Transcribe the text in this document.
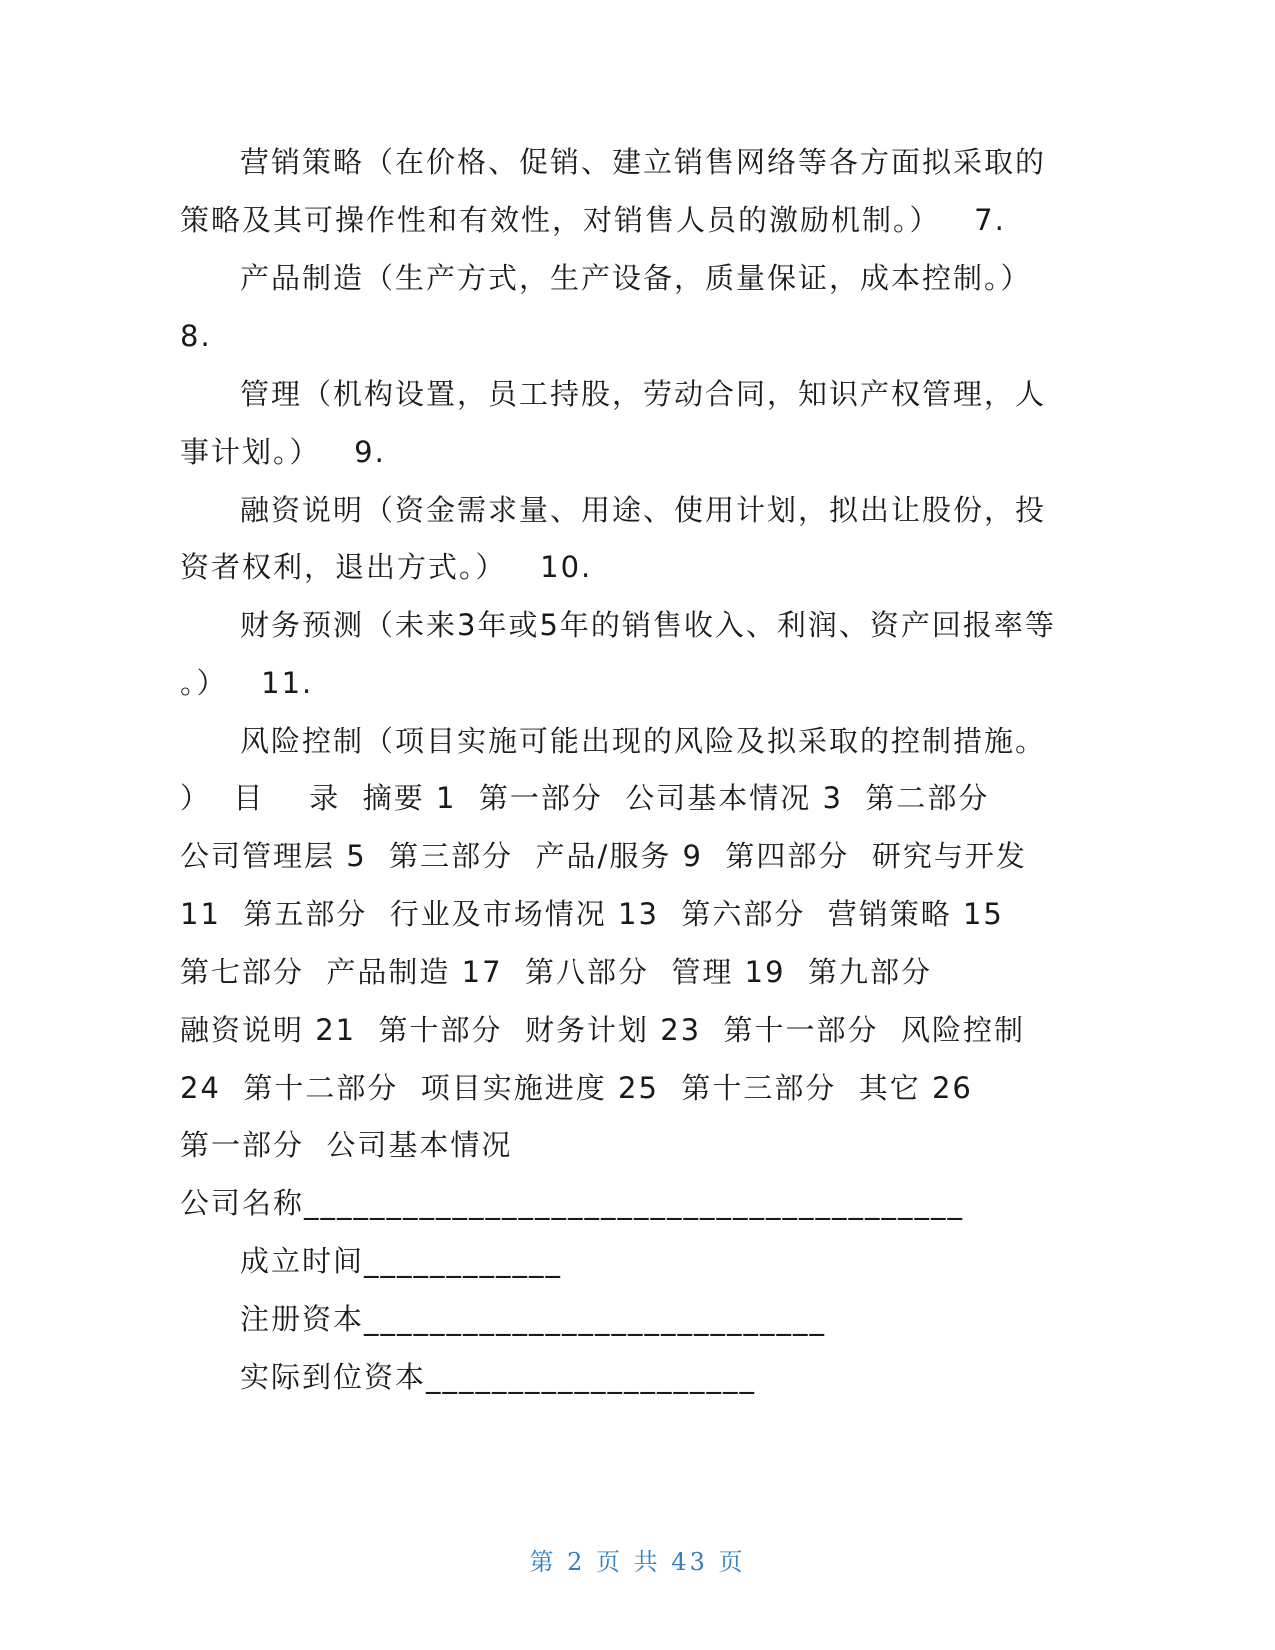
营销策略（在价格、促销、建立销售网络等各方面拟采取的
策略及其可操作性和有效性，对销售人员的激励机制。）   7.
产品制造（生产方式，生产设备，质量保证，成本控制。）
8.
管理（机构设置，员工持股，劳动合同，知识产权管理，人
事计划。）   9.
融资说明（资金需求量、用途、使用计划，拟出让股份，投
资者权利，退出方式。）   10.
财务预测（未来3年或5年的销售收入、利润、资产回报率等
。）   11.
风险控制（项目实施可能出现的风险及拟采取的控制措施。
）  目    录  摘要 1  第一部分  公司基本情况 3  第二部分
公司管理层 5  第三部分  产品/服务 9  第四部分  研究与开发
11  第五部分  行业及市场情况 13  第六部分  营销策略 15
第七部分  产品制造 17  第八部分  管理 19  第九部分
融资说明 21  第十部分  财务计划 23  第十一部分  风险控制
24  第十二部分  项目实施进度 25  第十三部分  其它 26
第一部分  公司基本情况
公司名称________________________________________
成立时间____________
注册资本____________________________
实际到位资本____________________
第 2 页 共 43 页
